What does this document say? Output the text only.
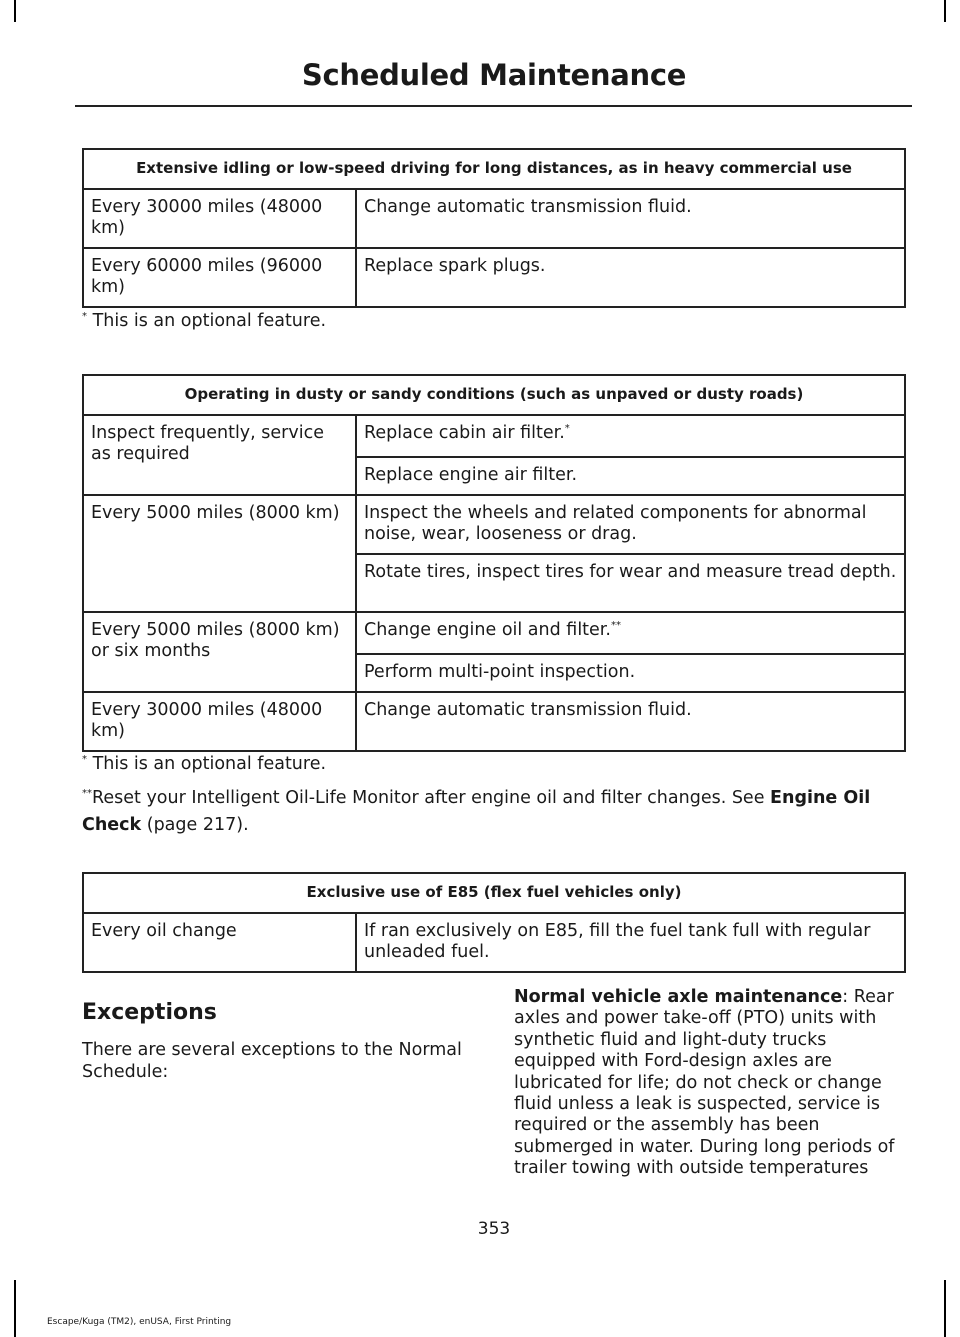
Scheduled Maintenance
Extensive idling or low-speed driving for long distances, as in heavy commercial use	
Every 30000 miles (48000 km)	Change automatic transmission fluid.
Every 60000 miles (96000 km)	Replace spark plugs.
* This is an optional feature.
Operating in dusty or sandy conditions (such as unpaved or dusty roads)	
Inspect frequently, service as required	Replace cabin air filter.*
	Replace engine air filter.
Every 5000 miles (8000 km)	Inspect the wheels and related components for abnormal noise, wear, looseness or drag.
	Rotate tires, inspect tires for wear and measure tread depth.
Every 5000 miles (8000 km) or six months	Change engine oil and filter.**
	Perform multi-point inspection.
Every 30000 miles (48000 km)	Change automatic transmission fluid.
* This is an optional feature.
**Reset your Intelligent Oil-Life Monitor after engine oil and filter changes. See Engine Oil Check (page 217).
Exclusive use of E85 (flex fuel vehicles only)
Every oil change	If ran exclusively on E85, fill the fuel tank full with regular unleaded fuel.
Exceptions
There are several exceptions to the Normal Schedule:
Normal vehicle axle maintenance: Rear axles and power take-off (PTO) units with synthetic fluid and light-duty trucks equipped with Ford-design axles are lubricated for life; do not check or change fluid unless a leak is suspected, service is required or the assembly has been submerged in water. During long periods of trailer towing with outside temperatures
353
Escape/Kuga (TM2), enUSA, First Printing
